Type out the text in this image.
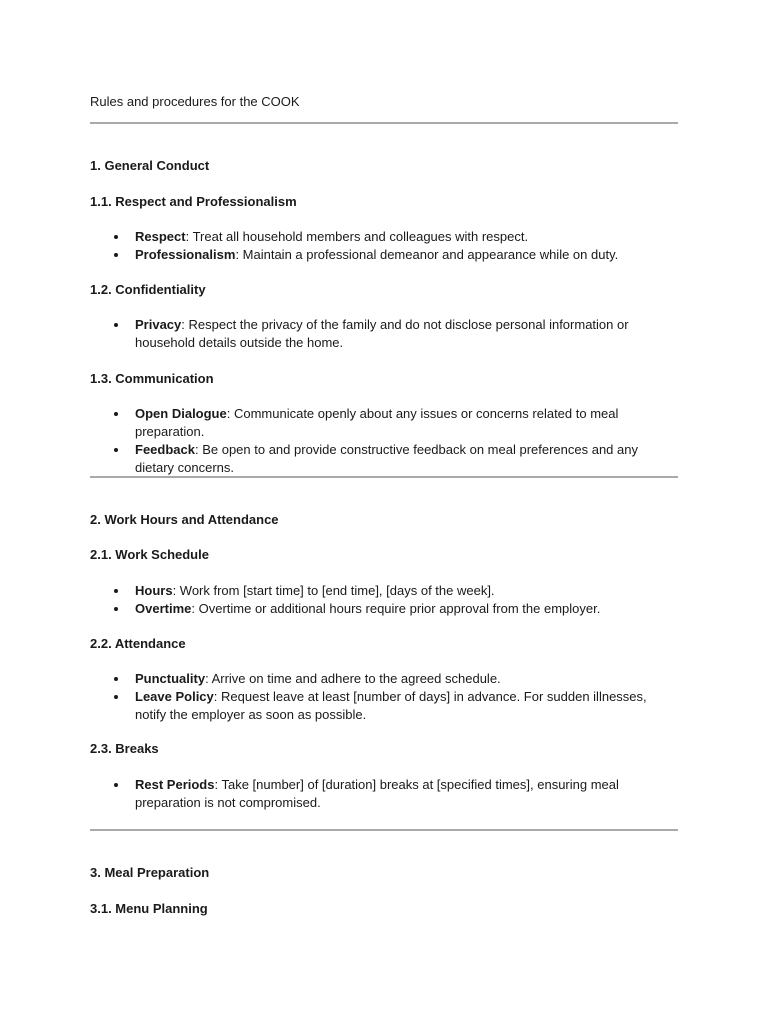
Rules and procedures for the COOK
1. General Conduct
1.1. Respect and Professionalism
Respect: Treat all household members and colleagues with respect.
Professionalism: Maintain a professional demeanor and appearance while on duty.
1.2. Confidentiality
Privacy: Respect the privacy of the family and do not disclose personal information or household details outside the home.
1.3. Communication
Open Dialogue: Communicate openly about any issues or concerns related to meal preparation.
Feedback: Be open to and provide constructive feedback on meal preferences and any dietary concerns.
2. Work Hours and Attendance
2.1. Work Schedule
Hours: Work from [start time] to [end time], [days of the week].
Overtime: Overtime or additional hours require prior approval from the employer.
2.2. Attendance
Punctuality: Arrive on time and adhere to the agreed schedule.
Leave Policy: Request leave at least [number of days] in advance. For sudden illnesses, notify the employer as soon as possible.
2.3. Breaks
Rest Periods: Take [number] of [duration] breaks at [specified times], ensuring meal preparation is not compromised.
3. Meal Preparation
3.1. Menu Planning
